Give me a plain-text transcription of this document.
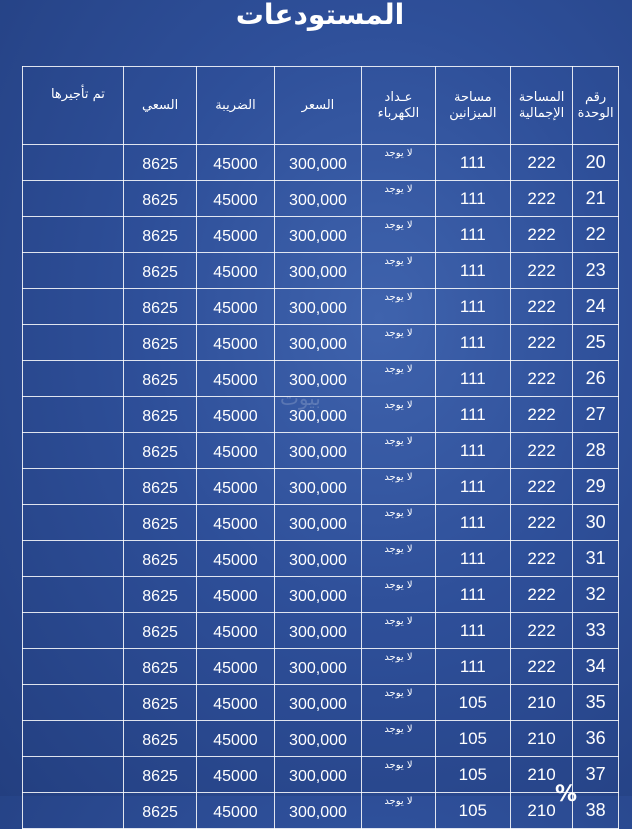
المستودعات
رقم الوحدة	المساحة الإجمالية	مساحة الميزانين	عـداد الكهرباء	السعر	الضريبة	السعي	تم تأجيرها
20	222	111	لا يوجد	300,000	45000	8625	
21	222	111	لا يوجد	300,000	45000	8625	
22	222	111	لا يوجد	300,000	45000	8625	
23	222	111	لا يوجد	300,000	45000	8625	
24	222	111	لا يوجد	300,000	45000	8625	
25	222	111	لا يوجد	300,000	45000	8625	
26	222	111	لا يوجد	300,000	45000	8625	
27	222	111	لا يوجد	300,000	45000	8625	
28	222	111	لا يوجد	300,000	45000	8625	
29	222	111	لا يوجد	300,000	45000	8625	
30	222	111	لا يوجد	300,000	45000	8625	
31	222	111	لا يوجد	300,000	45000	8625	
32	222	111	لا يوجد	300,000	45000	8625	
33	222	111	لا يوجد	300,000	45000	8625	
34	222	111	لا يوجد	300,000	45000	8625	
35	210	105	لا يوجد	300,000	45000	8625	
36	210	105	لا يوجد	300,000	45000	8625	
37	210	105	لا يوجد	300,000	45000	8625	
38	210	105	لا يوجد	300,000	45000	8625	
بيوت
%
